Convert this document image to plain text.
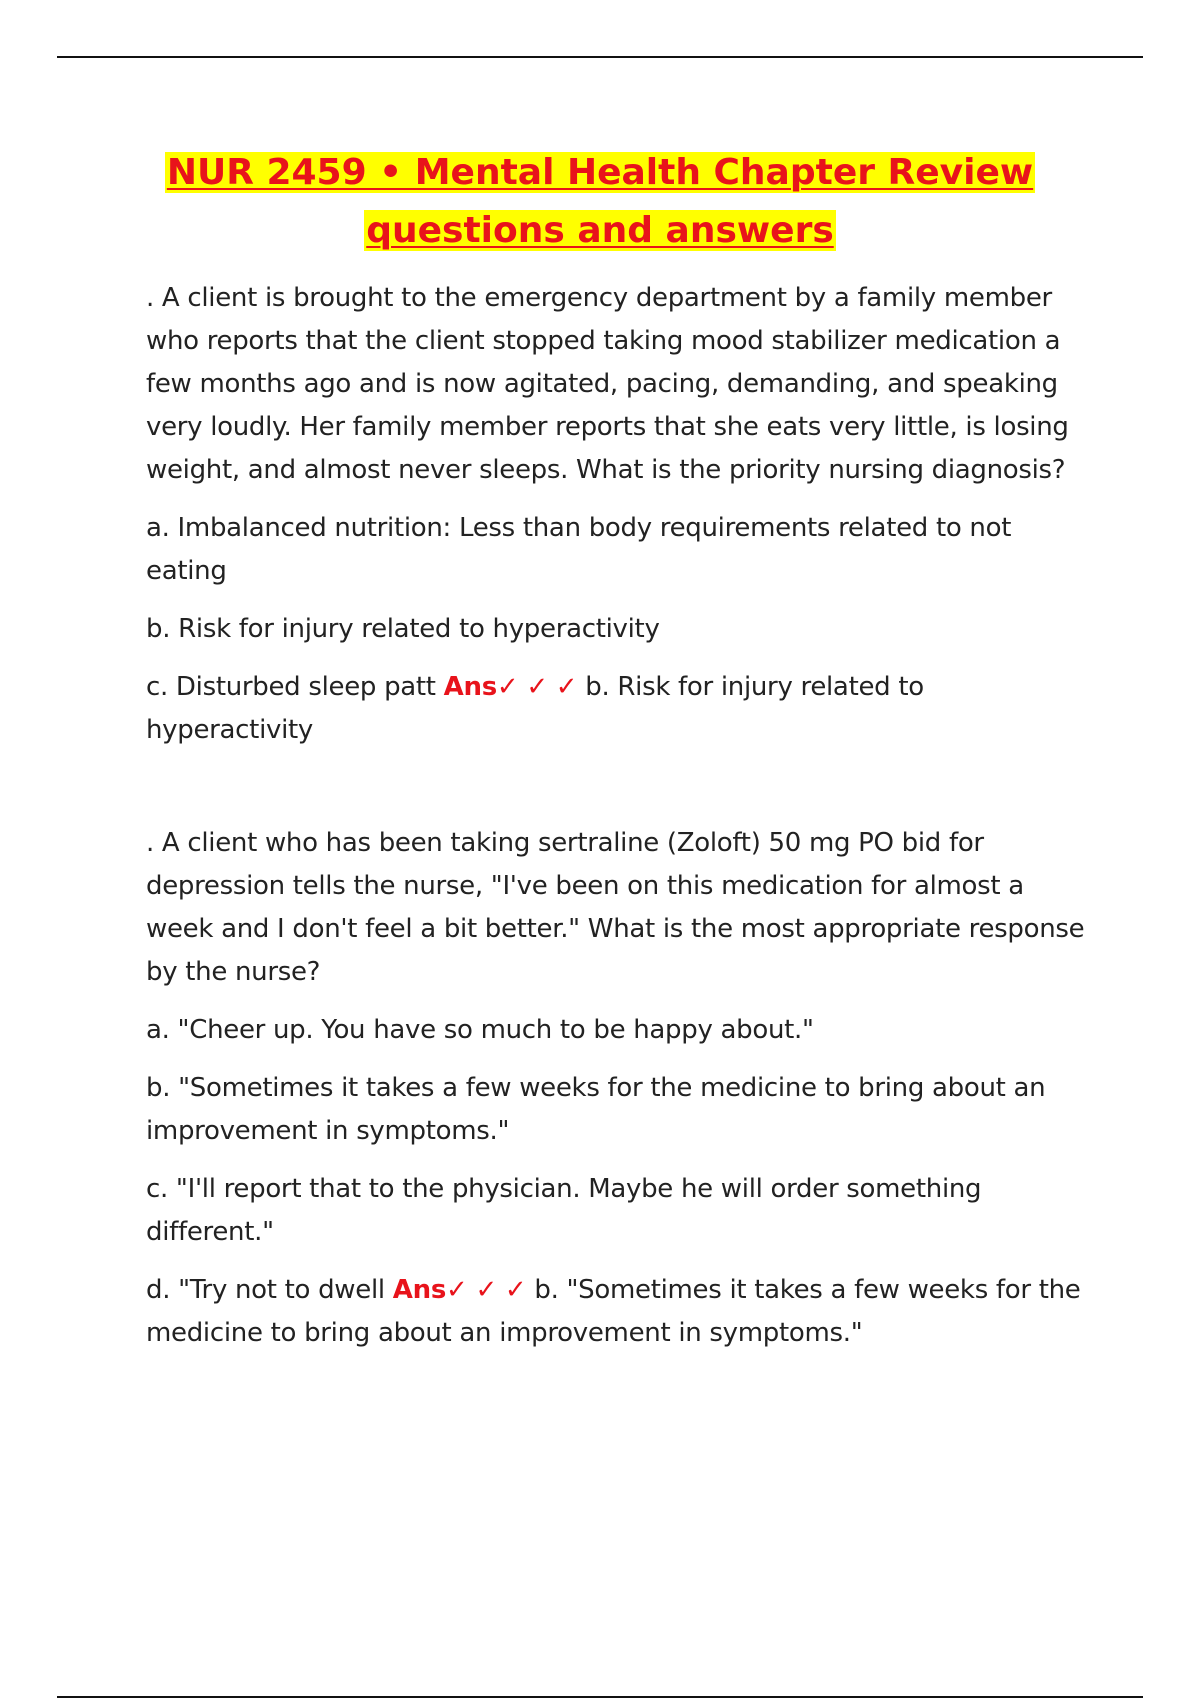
NUR 2459 • Mental Health Chapter Review
questions and answers

. A client is brought to the emergency department by a family member who reports that the client stopped taking mood stabilizer medication a few months ago and is now agitated, pacing, demanding, and speaking very loudly. Her family member reports that she eats very little, is losing weight, and almost never sleeps. What is the priority nursing diagnosis?

a. Imbalanced nutrition: Less than body requirements related to not eating

b. Risk for injury related to hyperactivity

c. Disturbed sleep patt Ans✓ ✓ ✓ b. Risk for injury related to hyperactivity

. A client who has been taking sertraline (Zoloft) 50 mg PO bid for depression tells the nurse, "I've been on this medication for almost a week and I don't feel a bit better." What is the most appropriate response by the nurse?

a. "Cheer up. You have so much to be happy about."

b. "Sometimes it takes a few weeks for the medicine to bring about an improvement in symptoms."

c. "I'll report that to the physician. Maybe he will order something different."

d. "Try not to dwell Ans✓ ✓ ✓ b. "Sometimes it takes a few weeks for the medicine to bring about an improvement in symptoms."
